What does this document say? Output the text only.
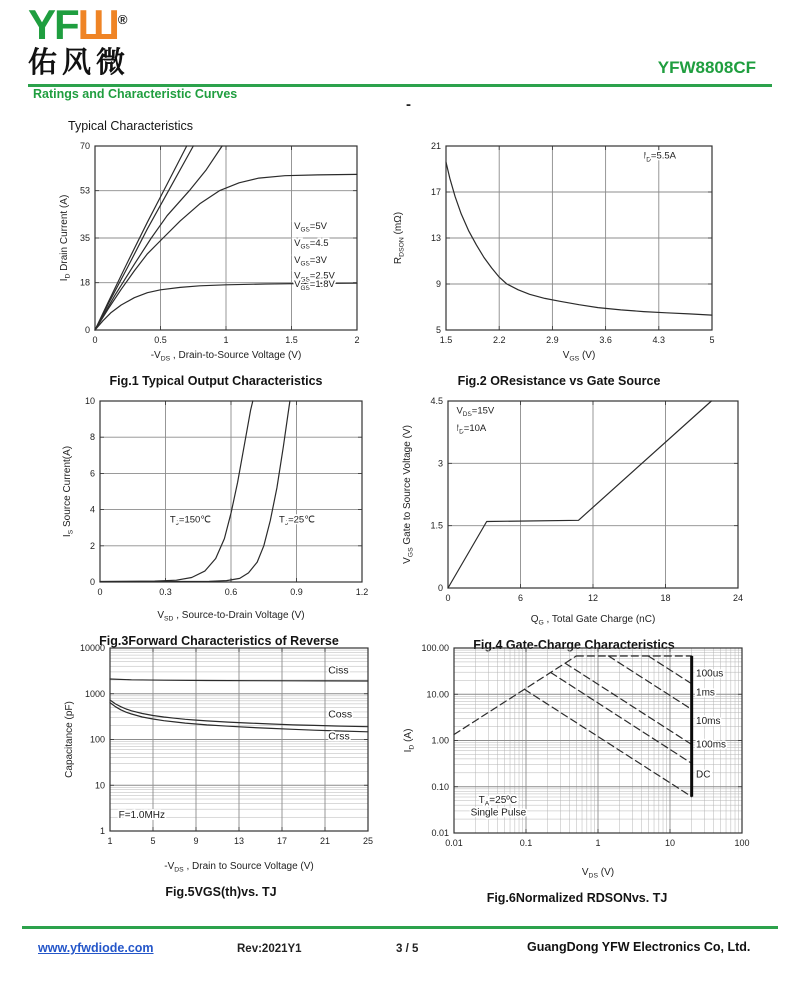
YFШ®
佑风微	YFW8808CF
Ratings and Characteristic Curves
-
Typical Characteristics
0	0.5	1	1.5	2
0
18
35
53
70
$V_{GS}=5V$
$V_{GS}=4.5$
$V_{GS}=3V$
$V_{GS}=2.5V$
$V_{GS}=1.8V$
$-V_{DS}$ , Drain-to-Source Voltage (V)
$I_D$ Drain Current (A)
Fig.1 Typical Output Characteristics
1.5	2.2	2.9	3.6	4.3	5
5
9
13
17
21
$I_D=5.5A$
$V_{GS}$ (V)
$R_{DSON}$ (mΩ)
Fig.2 OResistance vs Gate Source
0	0.3	0.6	0.9	1.2
0
2
4
6
8
10
$T_J=150℃$	$T_J=25℃$
$V_{SD}$ , Source-to-Drain Voltage (V)
$I_S$ Source Current(A)
Fig.3Forward Characteristics of Reverse
0	6	12	18	24
0
1.5
3
4.5
$V_{DS}=15V$
$I_D=10A$
$Q_G$ , Total Gate Charge (nC)
$V_{GS}$ Gate to Source Voltage (V)
Fig.4 Gate-Charge Characteristics
1	5	9	13	17	21	25
1
10
100
1000
10000
Ciss
Coss
Crss
F=1.0MHz
$-V_{DS}$ , Drain to Source Voltage (V)
Capacitance (pF)
Fig.5VGS(th)vs. TJ
0.01	0.1	1	10	100
0.01
0.10
1.00
10.00
100.00
100us
1ms
10ms
100ms
DC
$T_A=25ºC$
Single Pulse
$V_{DS}$ (V)
$I_D$ (A)
Fig.6Normalized RDSONvs. TJ
www.yfwdiode.com	Rev:2021Y1	3 / 5	GuangDong YFW Electronics Co, Ltd.
